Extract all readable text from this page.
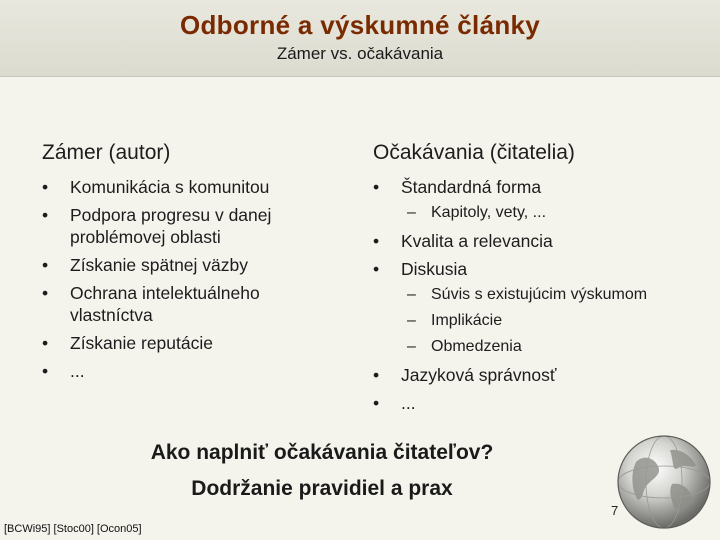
Odborné a výskumné články
Zámer vs. očakávania
Zámer (autor)
• Komunikácia s komunitou
• Podpora progresu v danej problémovej oblasti
• Získanie spätnej väzby
• Ochrana intelektuálneho vlastníctva
• Získanie reputácie
• ...
Očakávania (čitatelia)
• Štandardná forma
– Kapitoly, vety, ...
• Kvalita a relevancia
• Diskusia
– Súvis s existujúcim výskumom
– Implikácie
– Obmedzenia
• Jazyková správnosť
• ...
Ako naplniť očakávania čitateľov?
Dodržanie pravidiel a prax
7
[BCWi95] [Stoc00] [Ocon05]
